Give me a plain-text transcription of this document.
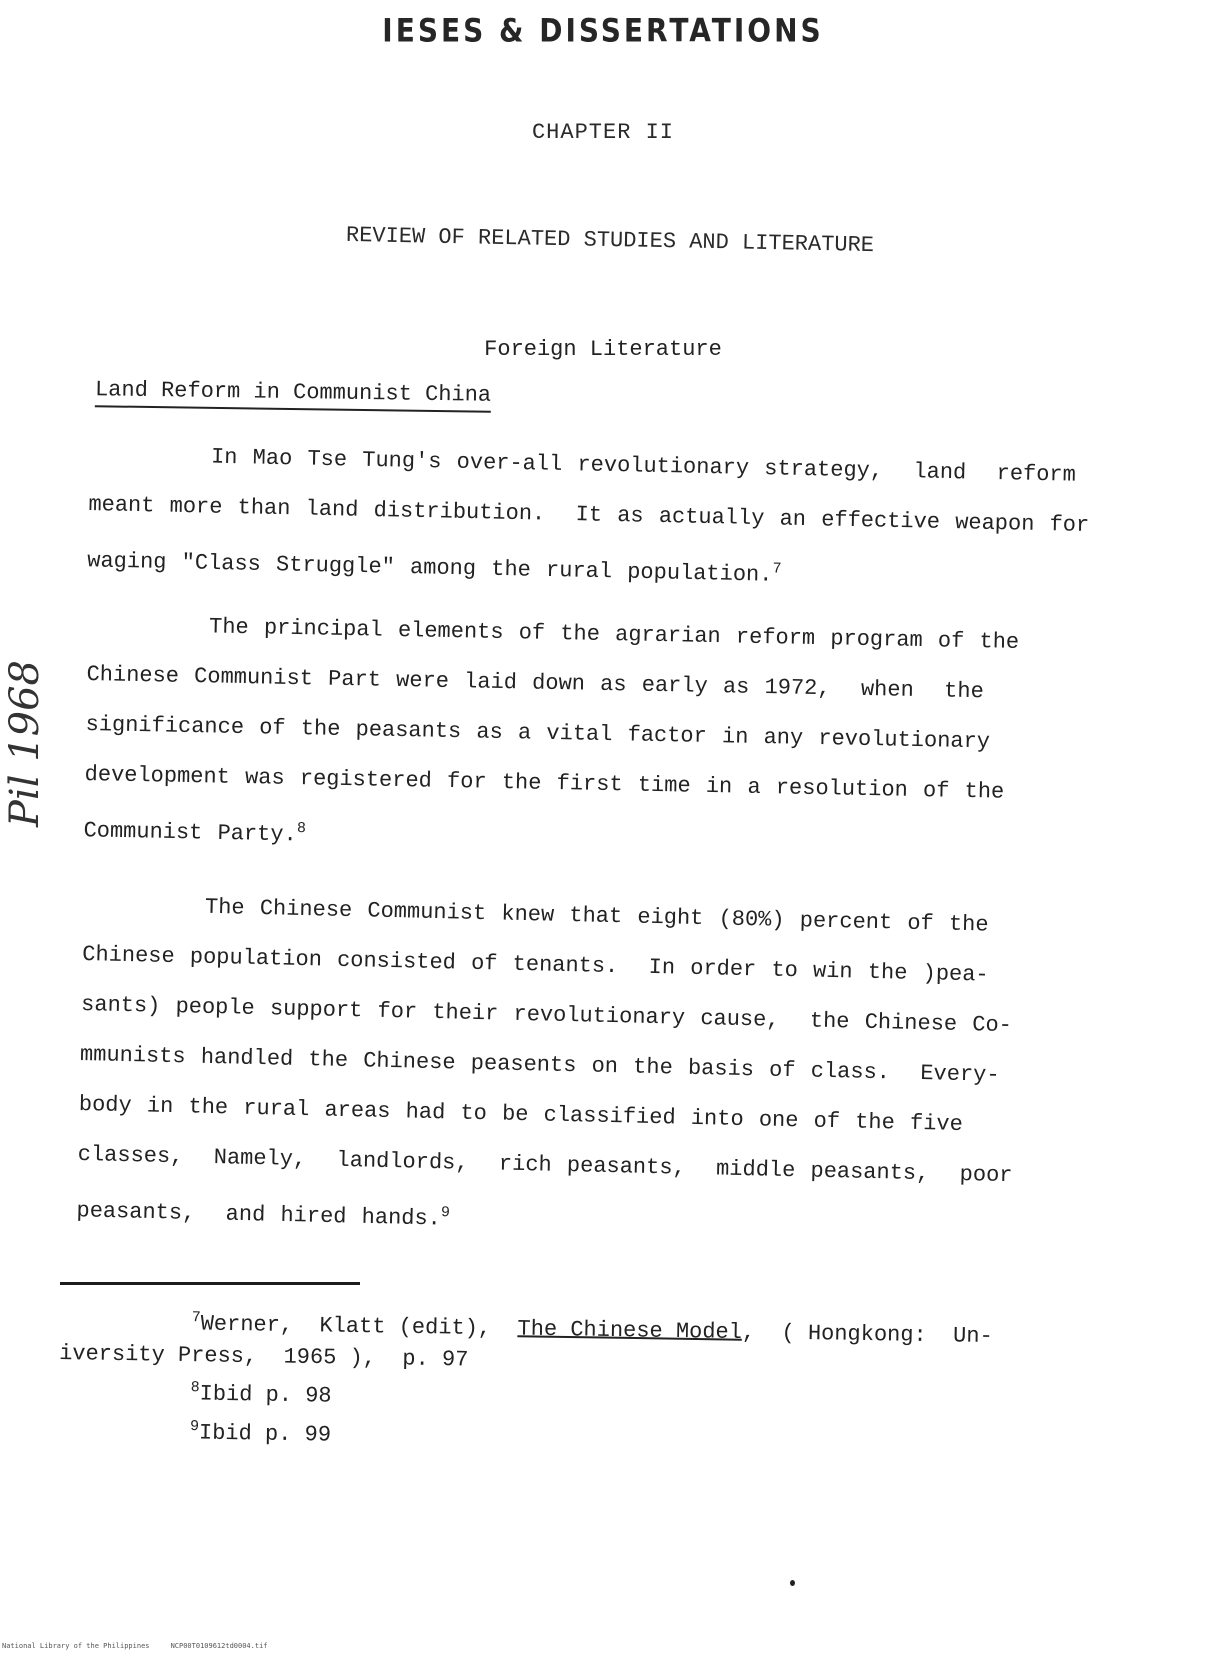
IESES & DISSERTATIONS
CHAPTER II
REVIEW OF RELATED STUDIES AND LITERATURE
Foreign Literature
Land Reform in Communist China
In Mao Tse Tung's over-all revolutionary strategy,  land  reform
meant more than land distribution.  It as actually an effective weapon for
waging "Class Struggle" among the rural population.$^7$
The principal elements of the agrarian reform program of the
Chinese Communist Part were laid down as early as 1972,  when  the
significance of the peasants as a vital factor in any revolutionary
development was registered for the first time in a resolution of the
Communist Party.$^8$
The Chinese Communist knew that eight (80%) percent of the
Chinese population consisted of tenants.  In order to win the )pea-
sants) people support for their revolutionary cause,  the Chinese Co-
mmunists handled the Chinese peasents on the basis of class.  Every-
body in the rural areas had to be classified into one of the five
classes,  Namely,  landlords,  rich peasants,  middle peasants,  poor
peasants,  and hired hands.$^9$
$^7$Werner,  Klatt (edit),  The Chinese Model,  ( Hongkong:  Un-
iversity Press,  1965 ),  p. 97
$^8$Ibid p. 98
$^9$Ibid p. 99
Pil 1968
National Library of the Philippines     NCP00T0109612td0004.tif
